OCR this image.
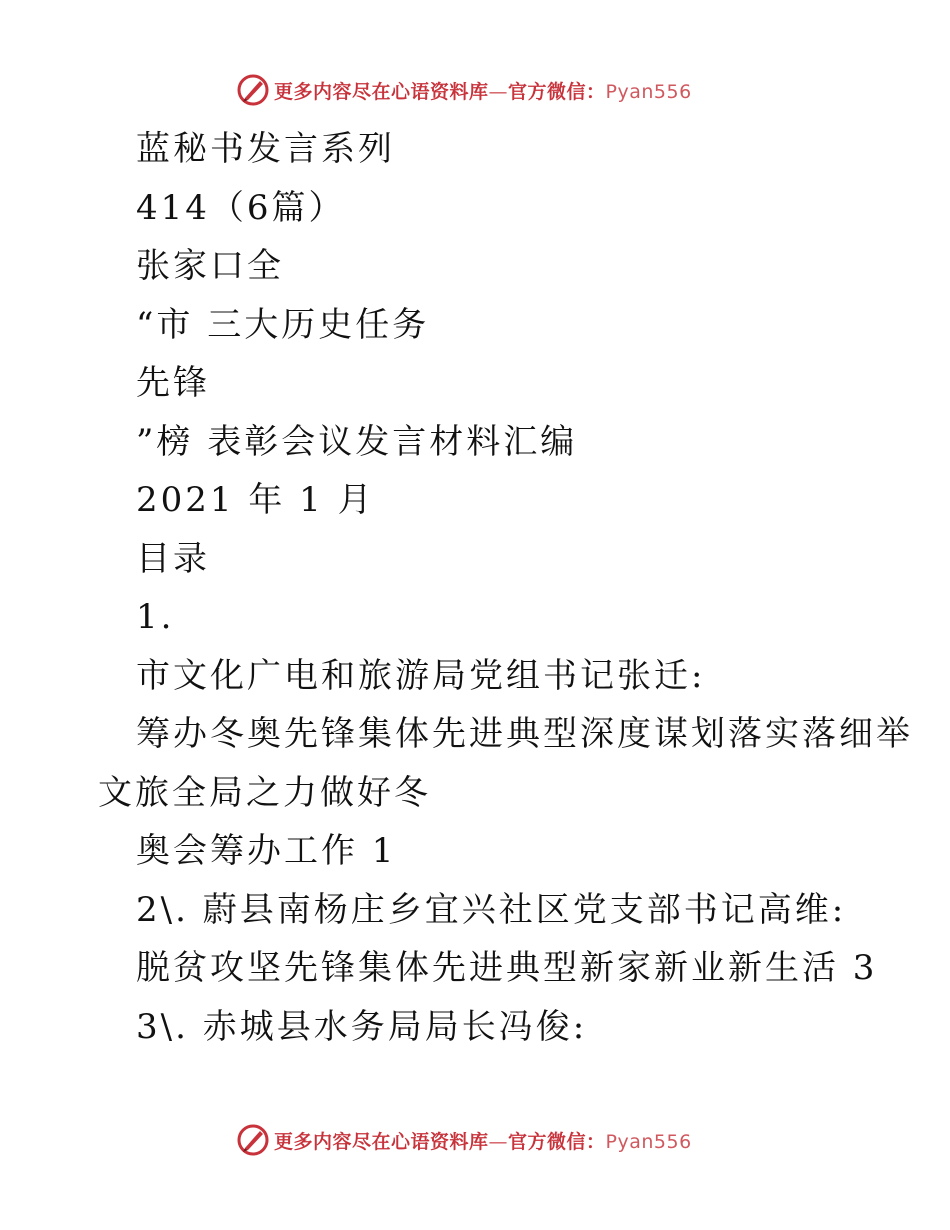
更多内容尽在心语资料库—官方微信：Pyan556
蓝秘书发言系列
414（6篇）
张家口全
“市 三大历史任务
先锋
”榜 表彰会议发言材料汇编
2021 年 1 月
目录
1.
市文化广电和旅游局党组书记张迁:
筹办冬奥先锋集体先进典型深度谋划落实落细举
文旅全局之力做好冬
奥会筹办工作 1
2\. 蔚县南杨庄乡宜兴社区党支部书记高维:
脱贫攻坚先锋集体先进典型新家新业新生活 3
3\. 赤城县水务局局长冯俊:
更多内容尽在心语资料库—官方微信：Pyan556
